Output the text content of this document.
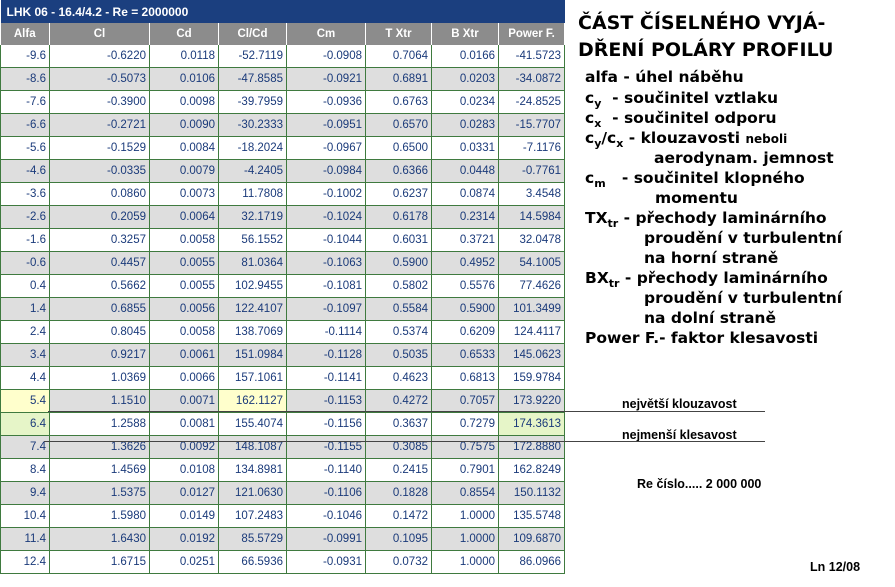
LHK 06 - 16.4/4.2 - Re = 2000000							
Alfa	Cl	Cd	Cl/Cd	Cm	T Xtr	B Xtr	Power F.
-9.6	-0.6220	0.0118	-52.7119	-0.0908	0.7064	0.0166	-41.5723
-8.6	-0.5073	0.0106	-47.8585	-0.0921	0.6891	0.0203	-34.0872
-7.6	-0.3900	0.0098	-39.7959	-0.0936	0.6763	0.0234	-24.8525
-6.6	-0.2721	0.0090	-30.2333	-0.0951	0.6570	0.0283	-15.7707
-5.6	-0.1529	0.0084	-18.2024	-0.0967	0.6500	0.0331	-7.1176
-4.6	-0.0335	0.0079	-4.2405	-0.0984	0.6366	0.0448	-0.7761
-3.6	0.0860	0.0073	11.7808	-0.1002	0.6237	0.0874	3.4548
-2.6	0.2059	0.0064	32.1719	-0.1024	0.6178	0.2314	14.5984
-1.6	0.3257	0.0058	56.1552	-0.1044	0.6031	0.3721	32.0478
-0.6	0.4457	0.0055	81.0364	-0.1063	0.5900	0.4952	54.1005
0.4	0.5662	0.0055	102.9455	-0.1081	0.5802	0.5576	77.4626
1.4	0.6855	0.0056	122.4107	-0.1097	0.5584	0.5900	101.3499
2.4	0.8045	0.0058	138.7069	-0.1114	0.5374	0.6209	124.4117
3.4	0.9217	0.0061	151.0984	-0.1128	0.5035	0.6533	145.0623
4.4	1.0369	0.0066	157.1061	-0.1141	0.4623	0.6813	159.9784
5.4	1.1510	0.0071	162.1127	-0.1153	0.4272	0.7057	173.9220
6.4	1.2588	0.0081	155.4074	-0.1156	0.3637	0.7279	174.3613
7.4	1.3626	0.0092	148.1087	-0.1155	0.3085	0.7575	172.8880
8.4	1.4569	0.0108	134.8981	-0.1140	0.2415	0.7901	162.8249
9.4	1.5375	0.0127	121.0630	-0.1106	0.1828	0.8554	150.1132
10.4	1.5980	0.0149	107.2483	-0.1046	0.1472	1.0000	135.5748
11.4	1.6430	0.0192	85.5729	-0.0991	0.1095	1.0000	109.6870
12.4	1.6715	0.0251	66.5936	-0.0931	0.0732	1.0000	86.0966
ČÁST ČÍSELNÉHO VYJÁ-
DŘENÍ POLÁRY PROFILU
alfa - úhel náběhu
$c_y$ - součinitel vztlaku
$c_x$ - součinitel odporu
$c_y/c_x$ - klouzavosti neboli
aerodynam. jemnost
$c_m$ - součinitel klopného
momentu
$TX_{tr}$ - přechody laminárního
proudění v turbulentní
na horní straně
$BX_{tr}$ - přechody laminárního
proudění v turbulentní
na dolní straně
Power F.- faktor klesavosti
největší klouzavost
nejmenší klesavost
Re číslo..... 2 000 000
Ln 12/08
